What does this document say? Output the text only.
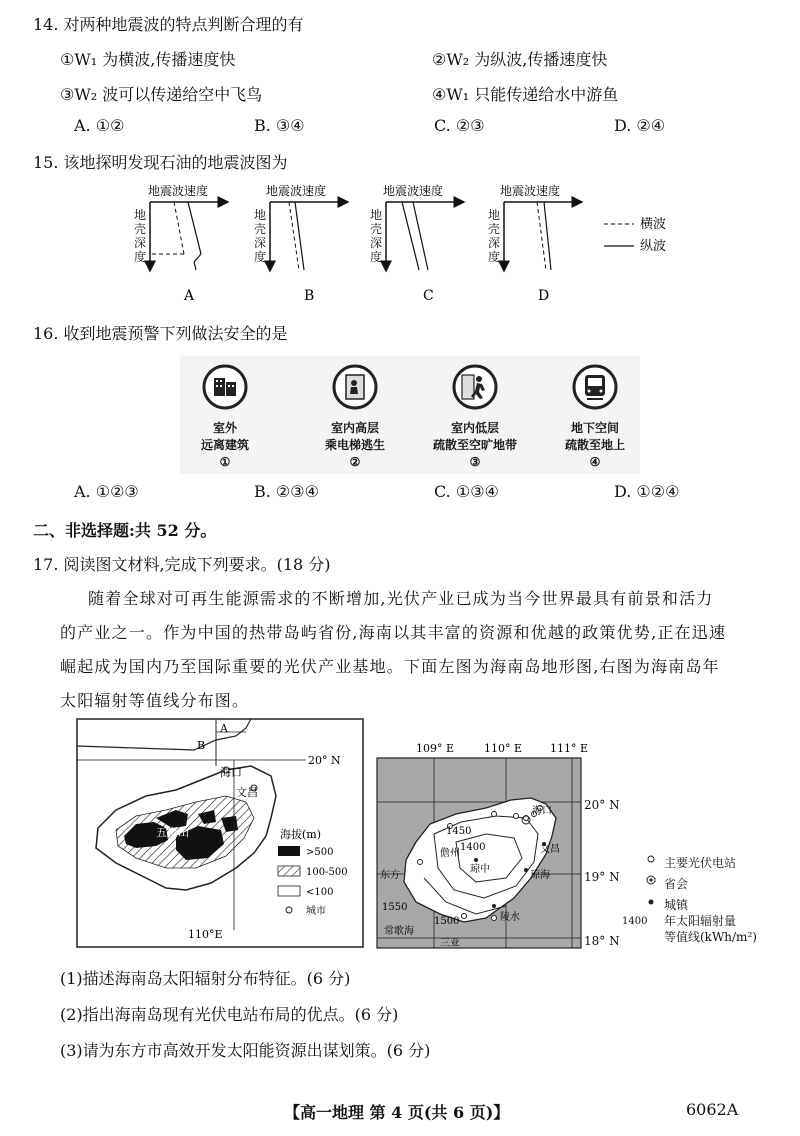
14. 对两种地震波的特点判断合理的有
①W₁ 为横波,传播速度快	②W₂ 为纵波,传播速度快
③W₂ 波可以传递给空中飞鸟	④W₁ 只能传递给水中游鱼
A. ①②	B. ③④	C. ②③	D. ②④
15. 该地探明发现石油的地震波图为
地震波速度
A
地震波速度
B
地震波速度
C
地震波速度
D
横波
纵波
地
壳
深
度
地
壳
深
度
地
壳
深
度
地
壳
深
度
16. 收到地震预警下列做法安全的是
室外
远离建筑
①
室内高层
乘电梯逃生
②
室内低层
疏散至空旷地带
③
地下空间
疏散至地上
④
A. ①②③	B. ②③④	C. ①③④	D. ①②④
二、非选择题:共 52 分。
17. 阅读图文材料,完成下列要求。(18 分)
随着全球对可再生能源需求的不断增加,光伏产业已成为当今世界最具有前景和活力
的产业之一。作为中国的热带岛屿省份,海南以其丰富的资源和优越的政策优势,正在迅速
崛起成为国内乃至国际重要的光伏产业基地。下面左图为海南岛地形图,右图为海南岛年
太阳辐射等值线分布图。
A
B
20° N
海口
文昌
五指山
110°E
海拔(m)
>500
100-500
<100
城市
109° E	110° E	111° E
海口
文昌
儋州
琼中
琼海
东方
陵水
常歌海
三亚
1450
1400
1550
1500
20° N
19° N
18° N
主要光伏电站
省会
城镇
1400 年太阳辐射量
等值线(kWh/m²)
(1)描述海南岛太阳辐射分布特征。(6 分)
(2)指出海南岛现有光伏电站布局的优点。(6 分)
(3)请为东方市高效开发太阳能资源出谋划策。(6 分)
【高一地理 第 4 页(共 6 页)】	6062A
